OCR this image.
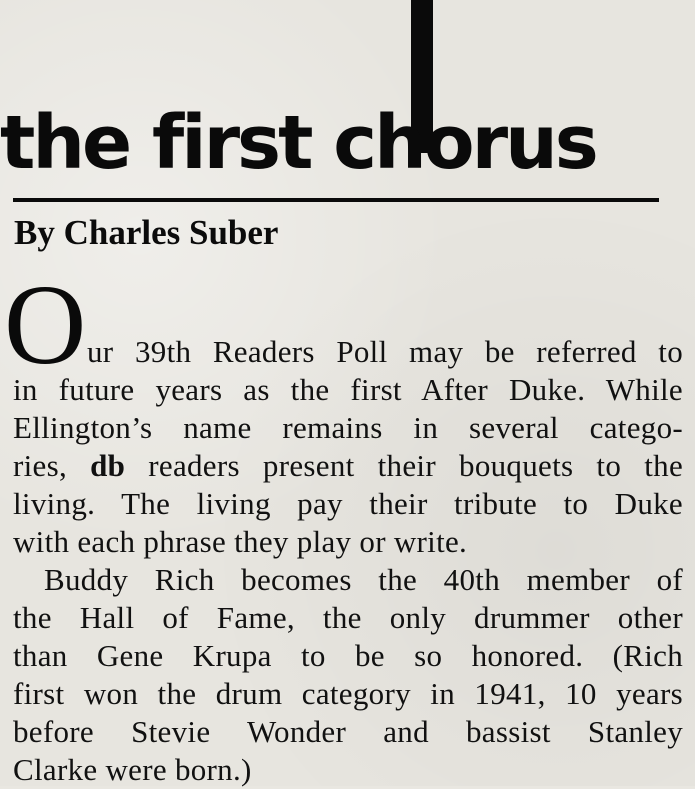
the first chorus
By Charles Suber
O ur 39th Readers Poll may be referred to
in future years as the first After Duke. While
Ellington’s name remains in several catego-
ries, db readers present their bouquets to the
living. The living pay their tribute to Duke
with each phrase they play or write.
Buddy Rich becomes the 40th member of
the Hall of Fame, the only drummer other
than Gene Krupa to be so honored. (Rich
first won the drum category in 1941, 10 years
before Stevie Wonder and bassist Stanley
Clarke were born.)
